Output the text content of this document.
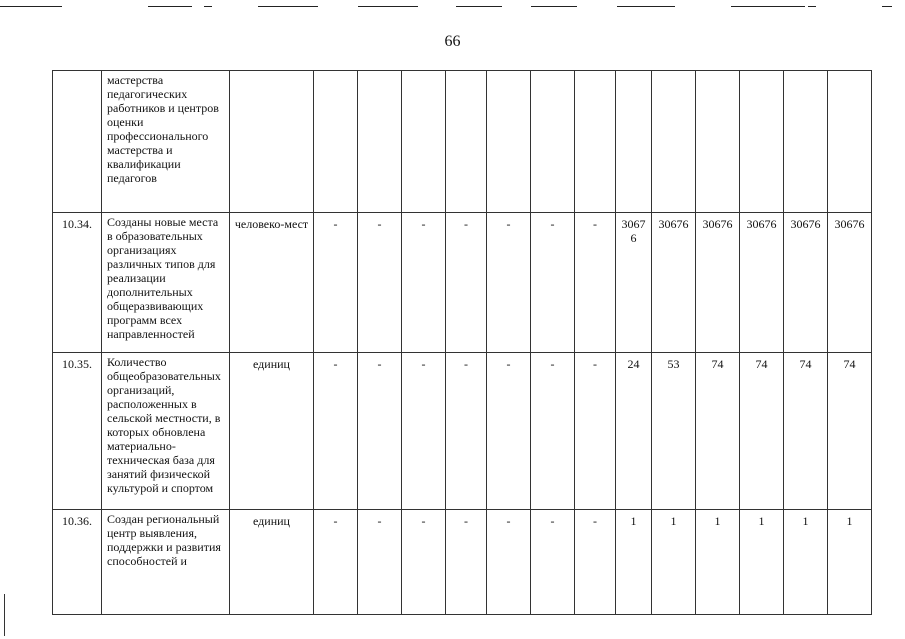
66
	мастерства педагогических работников и центров оценки профессионального мастерства и квалификации педагогов														
10.34.	Созданы новые места в образовательных организациях различных типов для реализации дополнительных общеразвивающих программ всех направленностей	человеко-мест	-	-	-	-	-	-	-	30676	30676	30676	30676	30676	30676
10.35.	Количество общеобразовательных организаций, расположенных в сельской местности, в которых обновлена материально-техническая база для занятий физической культурой и спортом	единиц	-	-	-	-	-	-	-	24	53	74	74	74	74
10.36.	Создан региональный центр выявления, поддержки и развития способностей и	единиц	-	-	-	-	-	-	-	1	1	1	1	1	1
